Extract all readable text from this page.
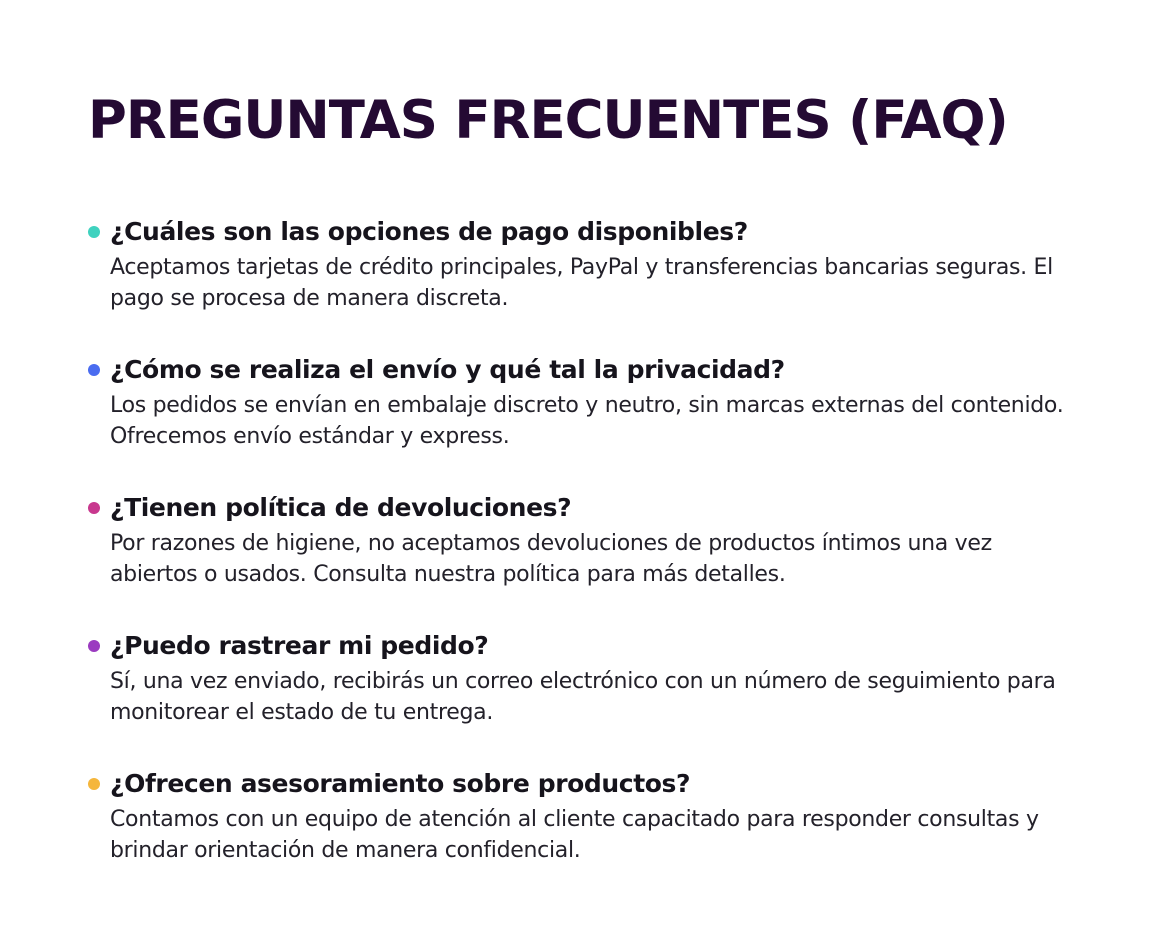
PREGUNTAS FRECUENTES (FAQ)
¿Cuáles son las opciones de pago disponibles?

Aceptamos tarjetas de crédito principales, PayPal y transferencias bancarias seguras. El pago se procesa de manera discreta.

¿Cómo se realiza el envío y qué tal la privacidad?

Los pedidos se envían en embalaje discreto y neutro, sin marcas externas del contenido. Ofrecemos envío estándar y express.

¿Tienen política de devoluciones?

Por razones de higiene, no aceptamos devoluciones de productos íntimos una vez abiertos o usados. Consulta nuestra política para más detalles.

¿Puedo rastrear mi pedido?

Sí, una vez enviado, recibirás un correo electrónico con un número de seguimiento para monitorear el estado de tu entrega.

¿Ofrecen asesoramiento sobre productos?

Contamos con un equipo de atención al cliente capacitado para responder consultas y brindar orientación de manera confidencial.
